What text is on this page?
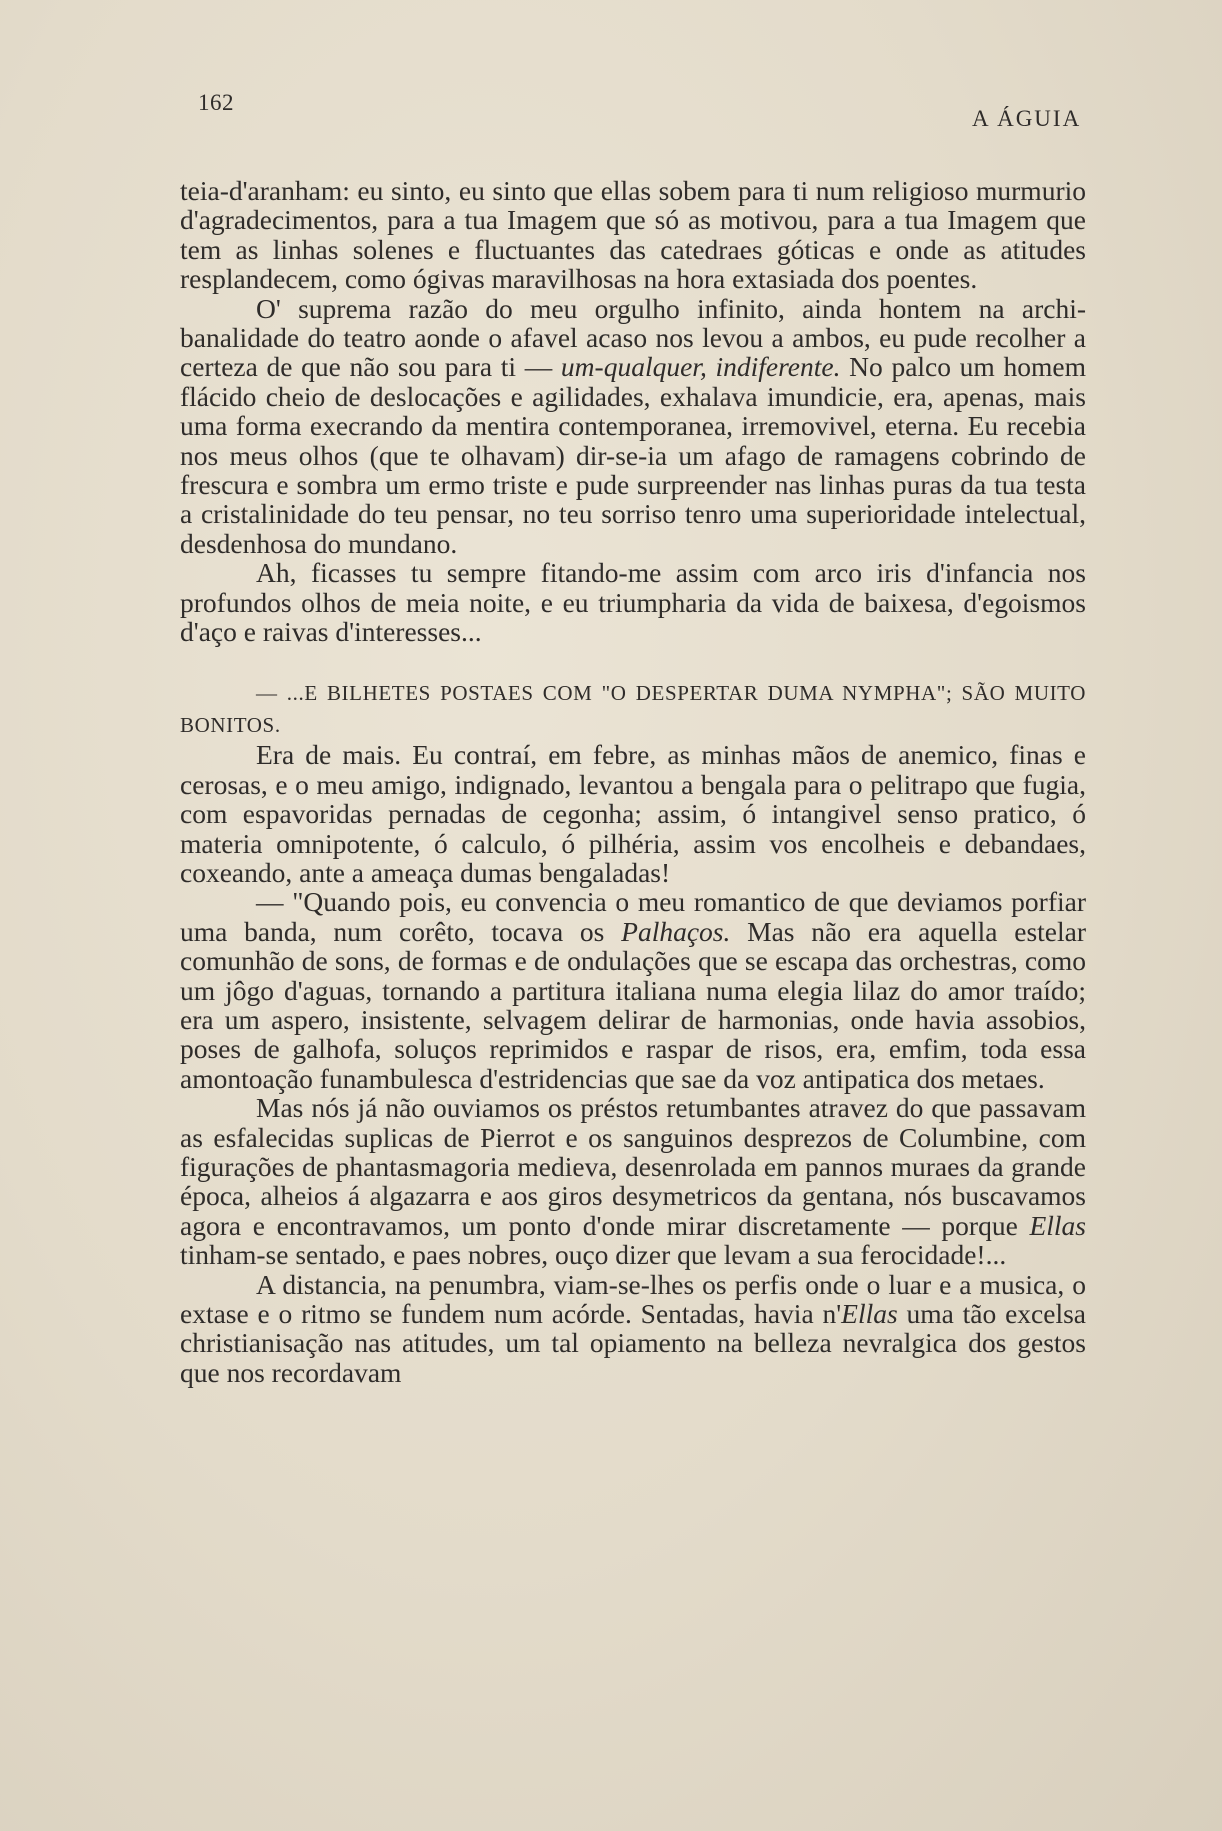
162
A ÁGUIA

teia-d'aranham: eu sinto, eu sinto que ellas sobem para ti num religioso murmurio d'agradecimentos, para a tua Imagem que só as motivou, para a tua Imagem que tem as linhas solenes e fluctuantes das catedraes góticas e onde as atitudes resplandecem, como ógivas maravilhosas na hora extasiada dos poentes.

O' suprema razão do meu orgulho infinito, ainda hontem na archi-banalidade do teatro aonde o afavel acaso nos levou a ambos, eu pude recolher a certeza de que não sou para ti — um-qualquer, indiferente. No palco um homem flácido cheio de deslocações e agilidades, exhalava imundicie, era, apenas, mais uma forma execrando da mentira contemporanea, irremovivel, eterna. Eu recebia nos meus olhos (que te olhavam) dir-se-ia um afago de ramagens cobrindo de frescura e sombra um ermo triste e pude surpreender nas linhas puras da tua testa a cristalinidade do teu pensar, no teu sorriso tenro uma superioridade intelectual, desdenhosa do mundano.

Ah, ficasses tu sempre fitando-me assim com arco iris d'infancia nos profundos olhos de meia noite, e eu triumpharia da vida de baixesa, d'egoismos d'aço e raivas d'interesses...

— ...E BILHETES POSTAES COM "O DESPERTAR DUMA NYMPHA"; SÃO MUITO BONITOS.

Era de mais. Eu contraí, em febre, as minhas mãos de anemico, finas e cerosas, e o meu amigo, indignado, levantou a bengala para o pelitrapo que fugia, com espavoridas pernadas de cegonha; assim, ó intangivel senso pratico, ó materia omnipotente, ó calculo, ó pilhéria, assim vos encolheis e debandaes, coxeando, ante a ameaça dumas bengaladas!

— "Quando pois, eu convencia o meu romantico de que deviamos porfiar uma banda, num corêto, tocava os Palhaços. Mas não era aquella estelar comunhão de sons, de formas e de ondulações que se escapa das orchestras, como um jôgo d'aguas, tornando a partitura italiana numa elegia lilaz do amor traído; era um aspero, insistente, selvagem delirar de harmonias, onde havia assobios, poses de galhofa, soluços reprimidos e raspar de risos, era, emfim, toda essa amontoação funambulesca d'estridencias que sae da voz antipatica dos metaes.

Mas nós já não ouviamos os préstos retumbantes atravez do que passavam as esfalecidas suplicas de Pierrot e os sanguinos desprezos de Columbine, com figurações de phantasmagoria medieva, desenrolada em pannos muraes da grande época, alheios á algazarra e aos giros desymetricos da gentana, nós buscavamos agora e encontravamos, um ponto d'onde mirar discretamente — porque Ellas tinham-se sentado, e paes nobres, ouço dizer que levam a sua ferocidade!...

A distancia, na penumbra, viam-se-lhes os perfis onde o luar e a musica, o extase e o ritmo se fundem num acórde. Sentadas, havia n'Ellas uma tão excelsa christianisação nas atitudes, um tal opiamento na belleza nevralgica dos gestos que nos recordavam
